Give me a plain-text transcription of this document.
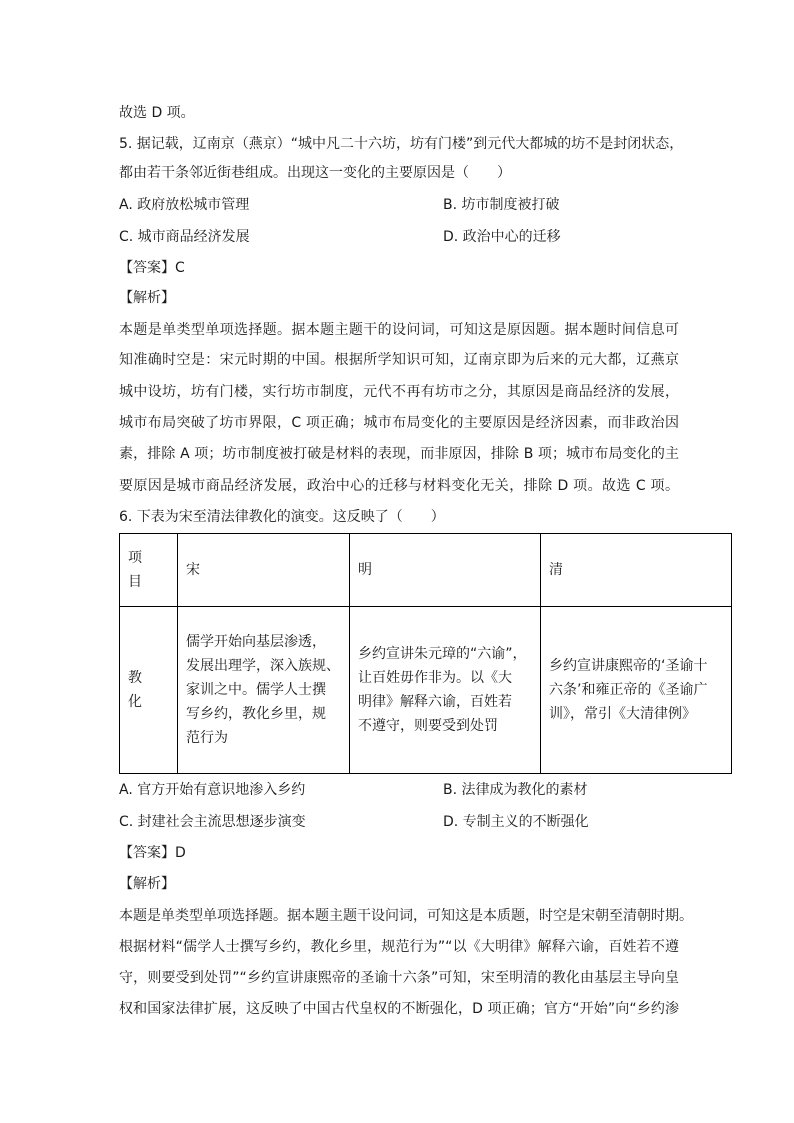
故选 D 项。
5. 据记载，辽南京（燕京）“城中凡二十六坊，坊有门楼”到元代大都城的坊不是封闭状态，
都由若干条邻近街巷组成。出现这一变化的主要原因是（　　）
A. 政府放松城市管理	B. 坊市制度被打破
C. 城市商品经济发展	D. 政治中心的迁移
【答案】C
【解析】
本题是单类型单项选择题。据本题主题干的设问词，可知这是原因题。据本题时间信息可
知准确时空是：宋元时期的中国。根据所学知识可知，辽南京即为后来的元大都，辽燕京
城中设坊，坊有门楼，实行坊市制度，元代不再有坊市之分，其原因是商品经济的发展，
城市布局突破了坊市界限，C 项正确；城市布局变化的主要原因是经济因素，而非政治因
素，排除 A 项；坊市制度被打破是材料的表现，而非原因，排除 B 项；城市布局变化的主
要原因是城市商品经济发展，政治中心的迁移与材料变化无关，排除 D 项。故选 C 项。
6. 下表为宋至清法律教化的演变。这反映了（　　）
项
目	宋	明	清

教
化	儒学开始向基层渗透，
发展出理学，深入族规、
家训之中。儒学人士撰
写乡约，教化乡里，规
范行为	乡约宣讲朱元璋的“六谕”，
让百姓毋作非为。以《大
明律》解释六谕，百姓若
不遵守，则要受到处罚	乡约宣讲康熙帝的‘圣谕十
六条’和雍正帝的《圣谕广
训》，常引《大清律例》
A. 官方开始有意识地渗入乡约	B. 法律成为教化的素材
C. 封建社会主流思想逐步演变	D. 专制主义的不断强化
【答案】D
【解析】
本题是单类型单项选择题。据本题主题干设问词，可知这是本质题，时空是宋朝至清朝时期。
根据材料“儒学人士撰写乡约，教化乡里，规范行为”“以《大明律》解释六谕，百姓若不遵
守，则要受到处罚”“乡约宣讲康熙帝的圣谕十六条”可知，宋至明清的教化由基层主导向皇
权和国家法律扩展，这反映了中国古代皇权的不断强化，D 项正确；官方“开始”向“乡约渗
